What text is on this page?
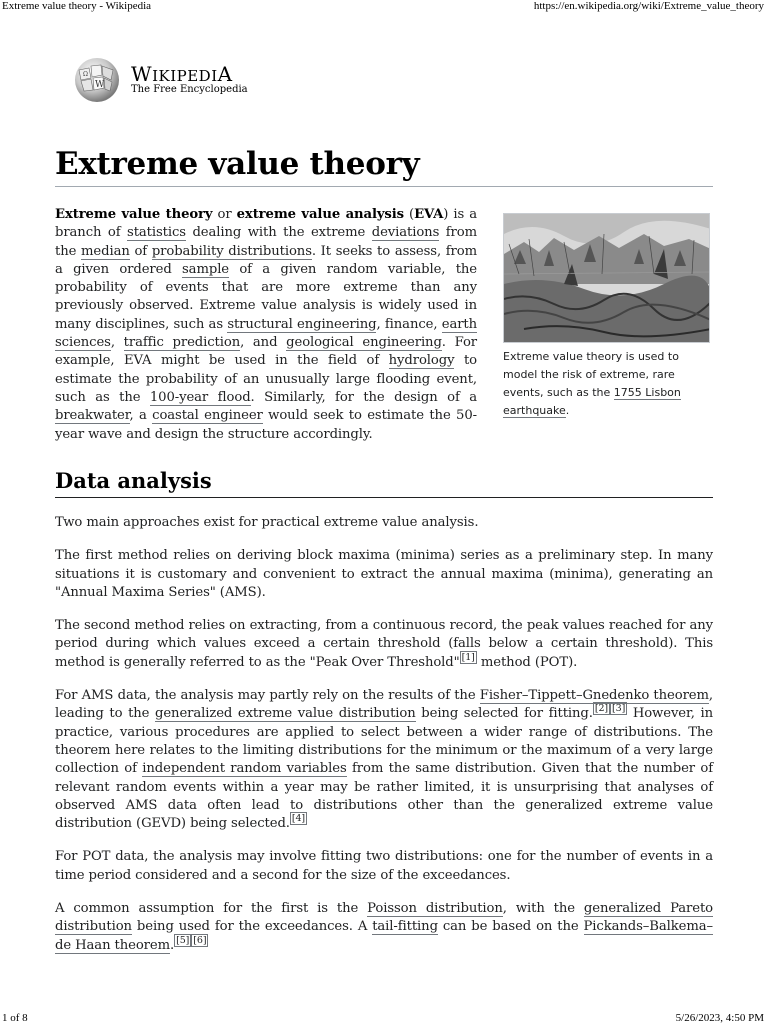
Extreme value theory - Wikipedia	https://en.wikipedia.org/wiki/Extreme_value_theory
W
Ω WIKIPEDIA
The Free Encyclopedia
Extreme value theory

Extreme value theory or extreme value analysis (EVA) is a branch of statistics dealing with the extreme deviations from the median of probability distributions. It seeks to assess, from a given ordered sample of a given random variable, the probability of events that are more extreme than any previously observed. Extreme value analysis is widely used in many disciplines, such as structural engineering, finance, earth sciences, traffic prediction, and geological engineering. For example, EVA might be used in the field of hydrology to estimate the probability of an unusually large flooding event, such as the 100-year flood. Similarly, for the design of a breakwater, a coastal engineer would seek to estimate the 50-year wave and design the structure accordingly.

Extreme value theory is used to model the risk of extreme, rare events, such as the 1755 Lisbon earthquake.
Data analysis

Two main approaches exist for practical extreme value analysis.

The first method relies on deriving block maxima (minima) series as a preliminary step. In many situations it is customary and convenient to extract the annual maxima (minima), generating an "Annual Maxima Series" (AMS).

The second method relies on extracting, from a continuous record, the peak values reached for any period during which values exceed a certain threshold (falls below a certain threshold). This method is generally referred to as the "Peak Over Threshold" [1] method (POT).

For AMS data, the analysis may partly rely on the results of the Fisher–Tippett–Gnedenko theorem, leading to the generalized extreme value distribution being selected for fitting. [2] [3] However, in practice, various procedures are applied to select between a wider range of distributions. The theorem here relates to the limiting distributions for the minimum or the maximum of a very large collection of independent random variables from the same distribution. Given that the number of relevant random events within a year may be rather limited, it is unsurprising that analyses of observed AMS data often lead to distributions other than the generalized extreme value distribution (GEVD) being selected. [4]

For POT data, the analysis may involve fitting two distributions: one for the number of events in a time period considered and a second for the size of the exceedances.

A common assumption for the first is the Poisson distribution, with the generalized Pareto distribution being used for the exceedances. A tail-fitting can be based on the Pickands–Balkema–de Haan theorem. [5] [6]

1 of 8	5/26/2023, 4:50 PM
